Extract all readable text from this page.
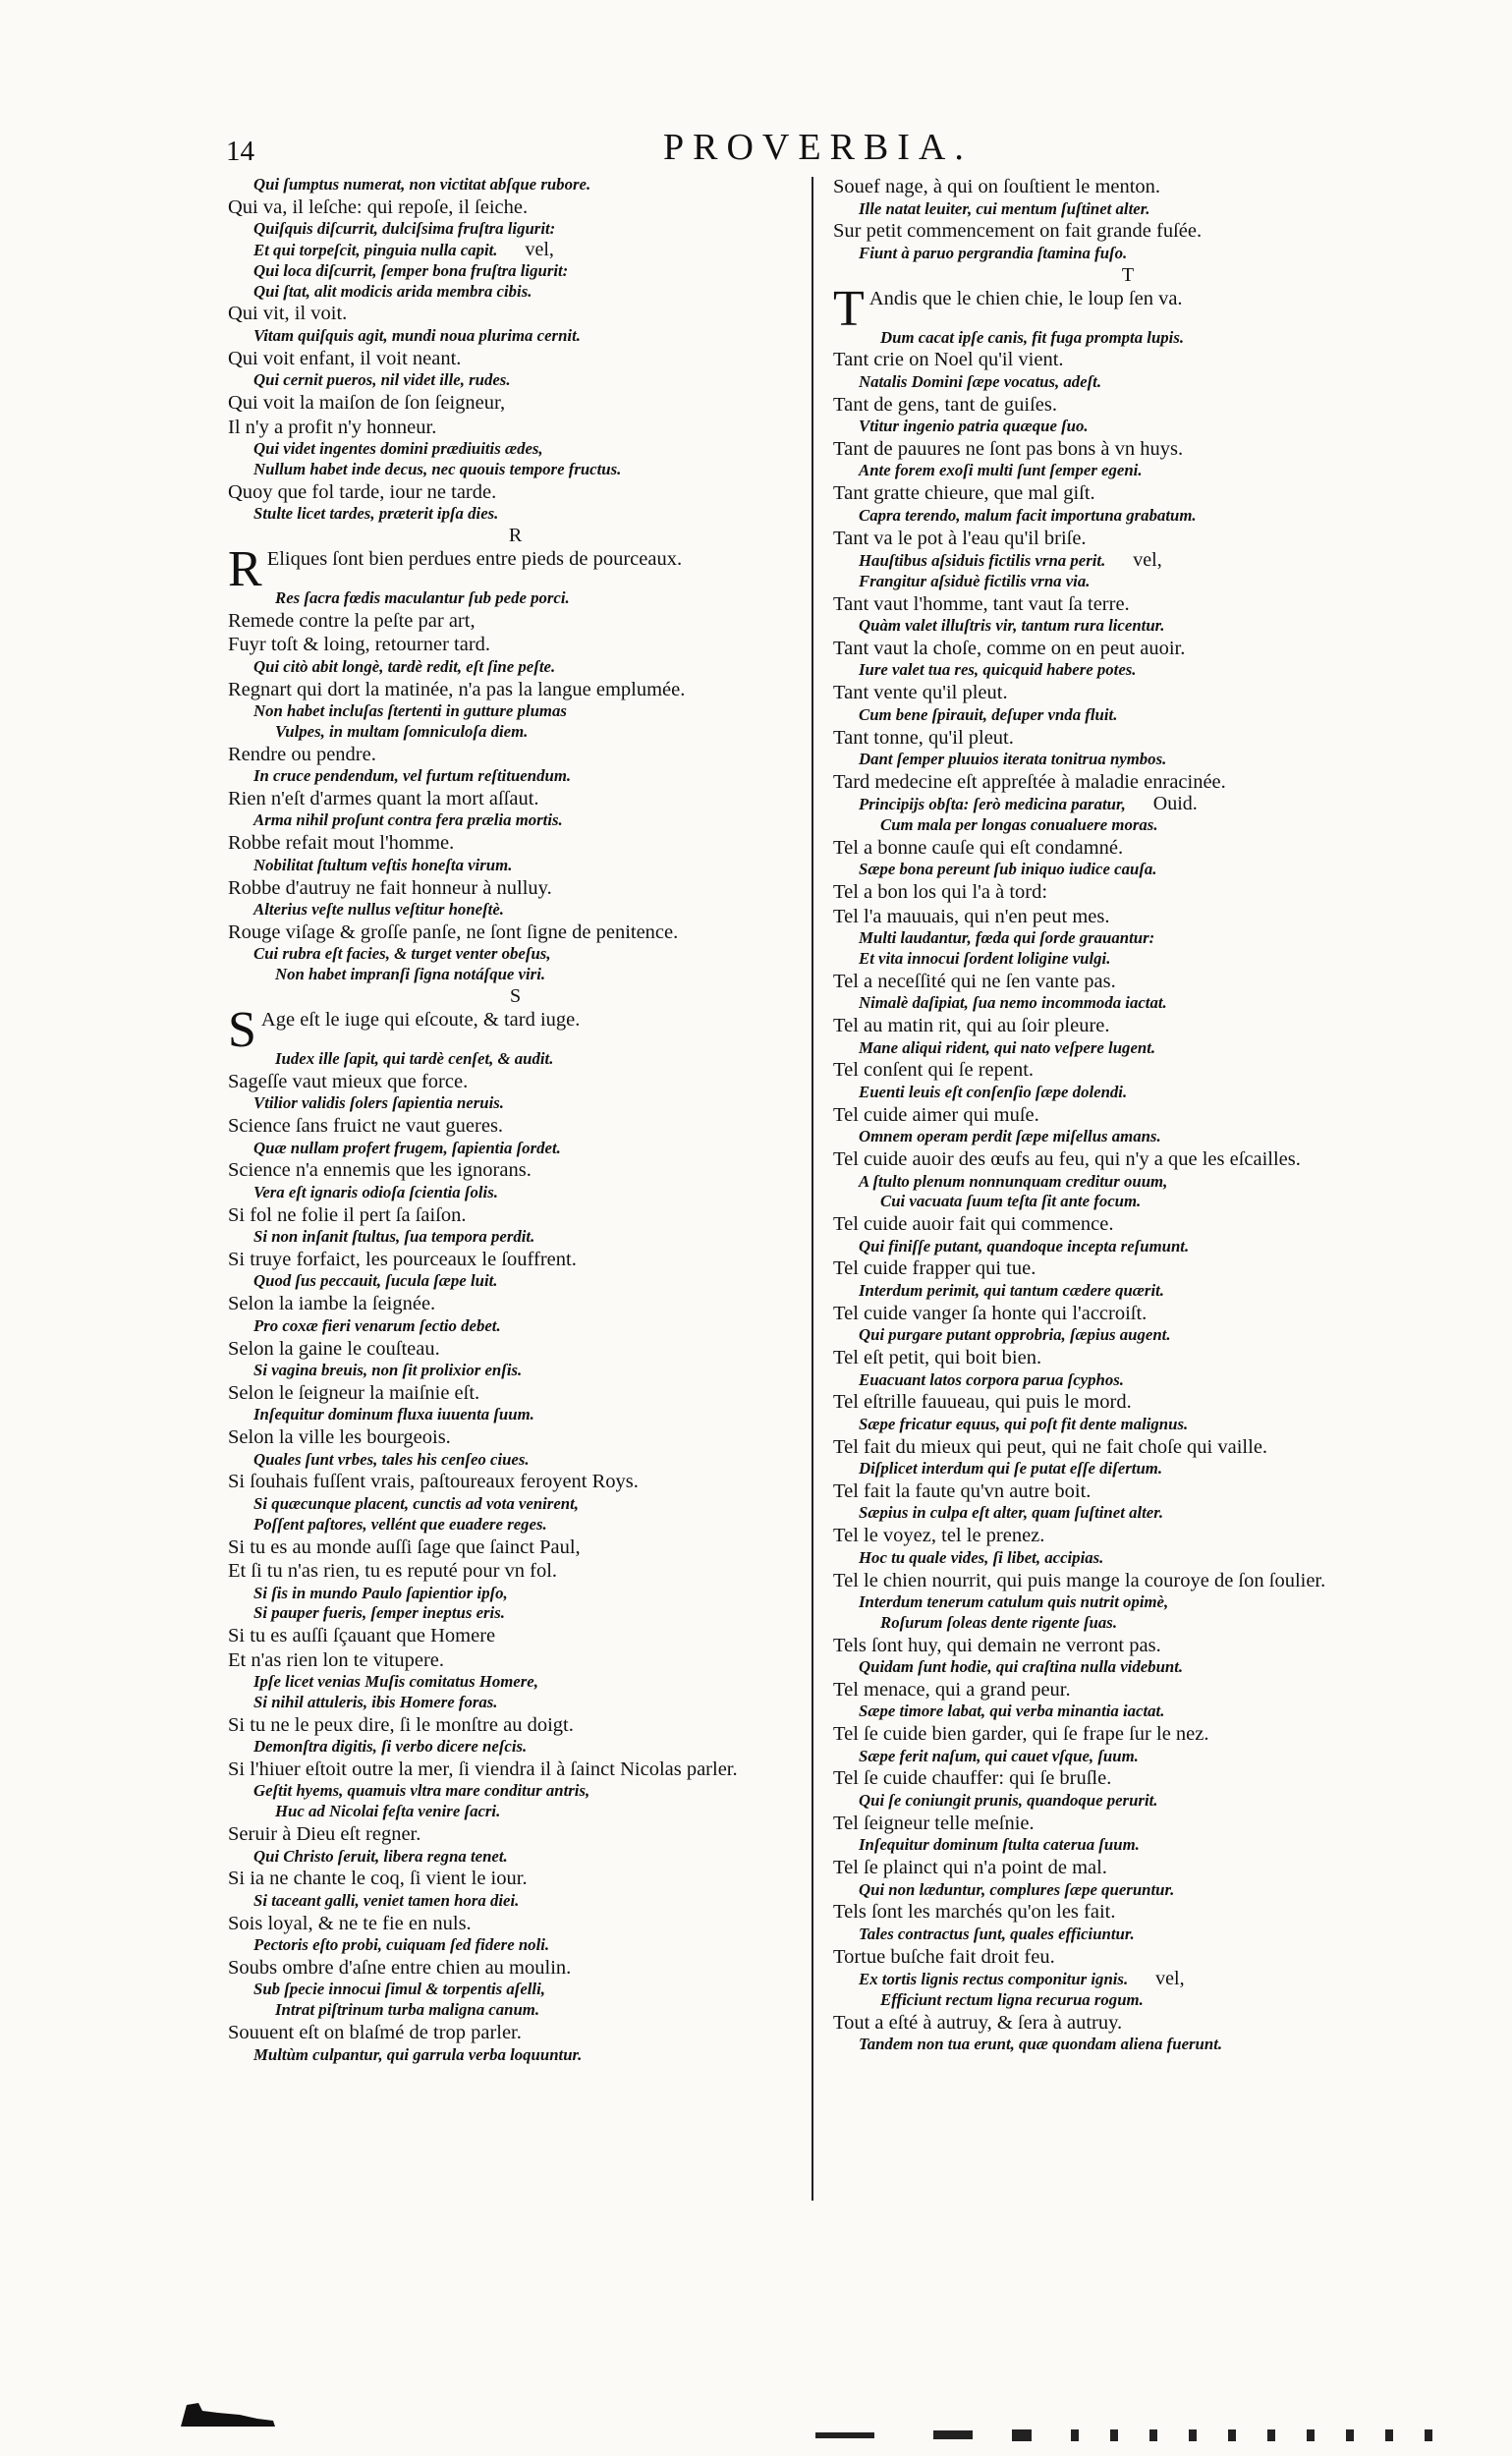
14	PROVERBIA.
Qui ſumptus numerat, non victitat abſque rubore.
Qui va, il leſche: qui repoſe, il ſeiche.
Quiſquis diſcurrit, dulciſsima fruſtra ligurit:
Et qui torpeſcit, pinguia nulla capit. vel,
Qui loca diſcurrit, ſemper bona fruſtra ligurit:
Qui ſtat, alit modicis arida membra cibis.
Qui vit, il voit.
Vitam quiſquis agit, mundi noua plurima cernit.
Qui voit enfant, il voit neant.
Qui cernit pueros, nil videt ille, rudes.
Qui voit la maiſon de ſon ſeigneur,
Il n'y a profit n'y honneur.
Qui videt ingentes domini prædiuitis ædes,
Nullum habet inde decus, nec quouis tempore fructus.
Quoy que fol tarde, iour ne tarde.
Stulte licet tardes, præterit ipſa dies.
R
R Eliques ſont bien perdues entre pieds de pourceaux.
Res ſacra fœdis maculantur ſub pede porci.
Remede contre la peſte par art,
Fuyr toſt & loing, retourner tard.
Qui citò abit longè, tardè redit, eſt ſine peſte.
Regnart qui dort la matinée, n'a pas la langue emplumée.
Non habet incluſas ſtertenti in gutture plumas
Vulpes, in multam ſomniculoſa diem.
Rendre ou pendre.
In cruce pendendum, vel furtum reſtituendum.
Rien n'eſt d'armes quant la mort aſſaut.
Arma nihil proſunt contra fera prælia mortis.
Robbe refait mout l'homme.
Nobilitat ſtultum veſtis honeſta virum.
Robbe d'autruy ne fait honneur à nulluy.
Alterius veſte nullus veſtitur honeſtè.
Rouge viſage & groſſe panſe, ne ſont ſigne de penitence.
Cui rubra eſt facies, & turget venter obeſus,
Non habet impranſi ſigna notáſque viri.
S
S Age eſt le iuge qui eſcoute, & tard iuge.
Iudex ille ſapit, qui tardè cenſet, & audit.
Sageſſe vaut mieux que force.
Vtilior validis ſolers ſapientia neruis.
Science ſans fruict ne vaut gueres.
Quæ nullam profert frugem, ſapientia ſordet.
Science n'a ennemis que les ignorans.
Vera eſt ignaris odioſa ſcientia ſolis.
Si fol ne folie il pert ſa ſaiſon.
Si non inſanit ſtultus, ſua tempora perdit.
Si truye forfaict, les pourceaux le ſouffrent.
Quod ſus peccauit, ſucula ſæpe luit.
Selon la iambe la ſeignée.
Pro coxæ fieri venarum ſectio debet.
Selon la gaine le couſteau.
Si vagina breuis, non ſit prolixior enſis.
Selon le ſeigneur la maiſnie eſt.
Inſequitur dominum fluxa iuuenta ſuum.
Selon la ville les bourgeois.
Quales ſunt vrbes, tales his cenſeo ciues.
Si ſouhais fuſſent vrais, paſtoureaux feroyent Roys.
Si quæcunque placent, cunctis ad vota venirent,
Poſſent paſtores, vellént que euadere reges.
Si tu es au monde auſſi ſage que ſainct Paul,
Et ſi tu n'as rien, tu es reputé pour vn fol.
Si ſis in mundo Paulo ſapientior ipſo,
Si pauper fueris, ſemper ineptus eris.
Si tu es auſſi ſçauant que Homere
Et n'as rien lon te vitupere.
Ipſe licet venias Muſis comitatus Homere,
Si nihil attuleris, ibis Homere foras.
Si tu ne le peux dire, ſi le monſtre au doigt.
Demonſtra digitis, ſi verbo dicere neſcis.
Si l'hiuer eſtoit outre la mer, ſi viendra il à ſainct Nicolas parler.
Geſtit hyems, quamuis vltra mare conditur antris,
Huc ad Nicolai feſta venire ſacri.
Seruir à Dieu eſt regner.
Qui Christo ſeruit, libera regna tenet.
Si ia ne chante le coq, ſi vient le iour.
Si taceant galli, veniet tamen hora diei.
Sois loyal, & ne te fie en nuls.
Pectoris eſto probi, cuiquam ſed fidere noli.
Soubs ombre d'aſne entre chien au moulin.
Sub ſpecie innocui ſimul & torpentis aſelli,
Intrat piſtrinum turba maligna canum.
Souuent eſt on blaſmé de trop parler.
Multùm culpantur, qui garrula verba loquuntur.
Souef nage, à qui on ſouſtient le menton.
Ille natat leuiter, cui mentum ſuſtinet alter.
Sur petit commencement on fait grande fuſée.
Fiunt à paruo pergrandia ſtamina fuſo.
T
T Andis que le chien chie, le loup ſen va.
Dum cacat ipſe canis, fit fuga prompta lupis.
Tant crie on Noel qu'il vient.
Natalis Domini ſæpe vocatus, adeſt.
Tant de gens, tant de guiſes.
Vtitur ingenio patria quæque ſuo.
Tant de pauures ne ſont pas bons à vn huys.
Ante forem exoſi multi ſunt ſemper egeni.
Tant gratte chieure, que mal giſt.
Capra terendo, malum facit importuna grabatum.
Tant va le pot à l'eau qu'il briſe.
Hauſtibus aſsiduis fictilis vrna perit. vel,
Frangitur aſsiduè fictilis vrna via.
Tant vaut l'homme, tant vaut ſa terre.
Quàm valet illuſtris vir, tantum rura licentur.
Tant vaut la choſe, comme on en peut auoir.
Iure valet tua res, quicquid habere potes.
Tant vente qu'il pleut.
Cum bene ſpirauit, deſuper vnda fluit.
Tant tonne, qu'il pleut.
Dant ſemper pluuios iterata tonitrua nymbos.
Tard medecine eſt appreſtée à maladie enracinée.
Principijs obſta: ſerò medicina paratur, Ouid.
Cum mala per longas conualuere moras.
Tel a bonne cauſe qui eſt condamné.
Sæpe bona pereunt ſub iniquo iudice cauſa.
Tel a bon los qui l'a à tord:
Tel l'a mauuais, qui n'en peut mes.
Multi laudantur, fœda qui ſorde grauantur:
Et vita innocui ſordent loligine vulgi.
Tel a neceſſité qui ne ſen vante pas.
Nimalè daſipiat, ſua nemo incommoda iactat.
Tel au matin rit, qui au ſoir pleure.
Mane aliqui rident, qui nato veſpere lugent.
Tel conſent qui ſe repent.
Euenti leuis eſt conſenſio ſæpe dolendi.
Tel cuide aimer qui muſe.
Omnem operam perdit ſæpe miſellus amans.
Tel cuide auoir des œufs au feu, qui n'y a que les eſcailles.
A ſtulto plenum nonnunquam creditur ouum,
Cui vacuata ſuum teſta ſit ante focum.
Tel cuide auoir fait qui commence.
Qui finiſſe putant, quandoque incepta reſumunt.
Tel cuide frapper qui tue.
Interdum perimit, qui tantum cædere quærit.
Tel cuide vanger ſa honte qui l'accroiſt.
Qui purgare putant opprobria, ſæpius augent.
Tel eſt petit, qui boit bien.
Euacuant latos corpora parua ſcyphos.
Tel eſtrille fauueau, qui puis le mord.
Sæpe fricatur equus, qui poſt fit dente malignus.
Tel fait du mieux qui peut, qui ne fait choſe qui vaille.
Diſplicet interdum qui ſe putat eſſe diſertum.
Tel fait la faute qu'vn autre boit.
Sæpius in culpa eſt alter, quam ſuſtinet alter.
Tel le voyez, tel le prenez.
Hoc tu quale vides, ſi libet, accipias.
Tel le chien nourrit, qui puis mange la couroye de ſon ſoulier.
Interdum tenerum catulum quis nutrit opimè,
Roſurum ſoleas dente rigente ſuas.
Tels ſont huy, qui demain ne verront pas.
Quidam ſunt hodie, qui craſtina nulla videbunt.
Tel menace, qui a grand peur.
Sæpe timore labat, qui verba minantia iactat.
Tel ſe cuide bien garder, qui ſe frape ſur le nez.
Sæpe ferit naſum, qui cauet vſque, ſuum.
Tel ſe cuide chauffer: qui ſe bruſle.
Qui ſe coniungit prunis, quandoque perurit.
Tel ſeigneur telle meſnie.
Inſequitur dominum ſtulta caterua ſuum.
Tel ſe plainct qui n'a point de mal.
Qui non læduntur, complures ſæpe queruntur.
Tels ſont les marchés qu'on les fait.
Tales contractus ſunt, quales efficiuntur.
Tortue buſche fait droit feu.
Ex tortis lignis rectus componitur ignis. vel,
Efficiunt rectum ligna recurua rogum.
Tout a eſté à autruy, & ſera à autruy.
Tandem non tua erunt, quæ quondam aliena fuerunt.
